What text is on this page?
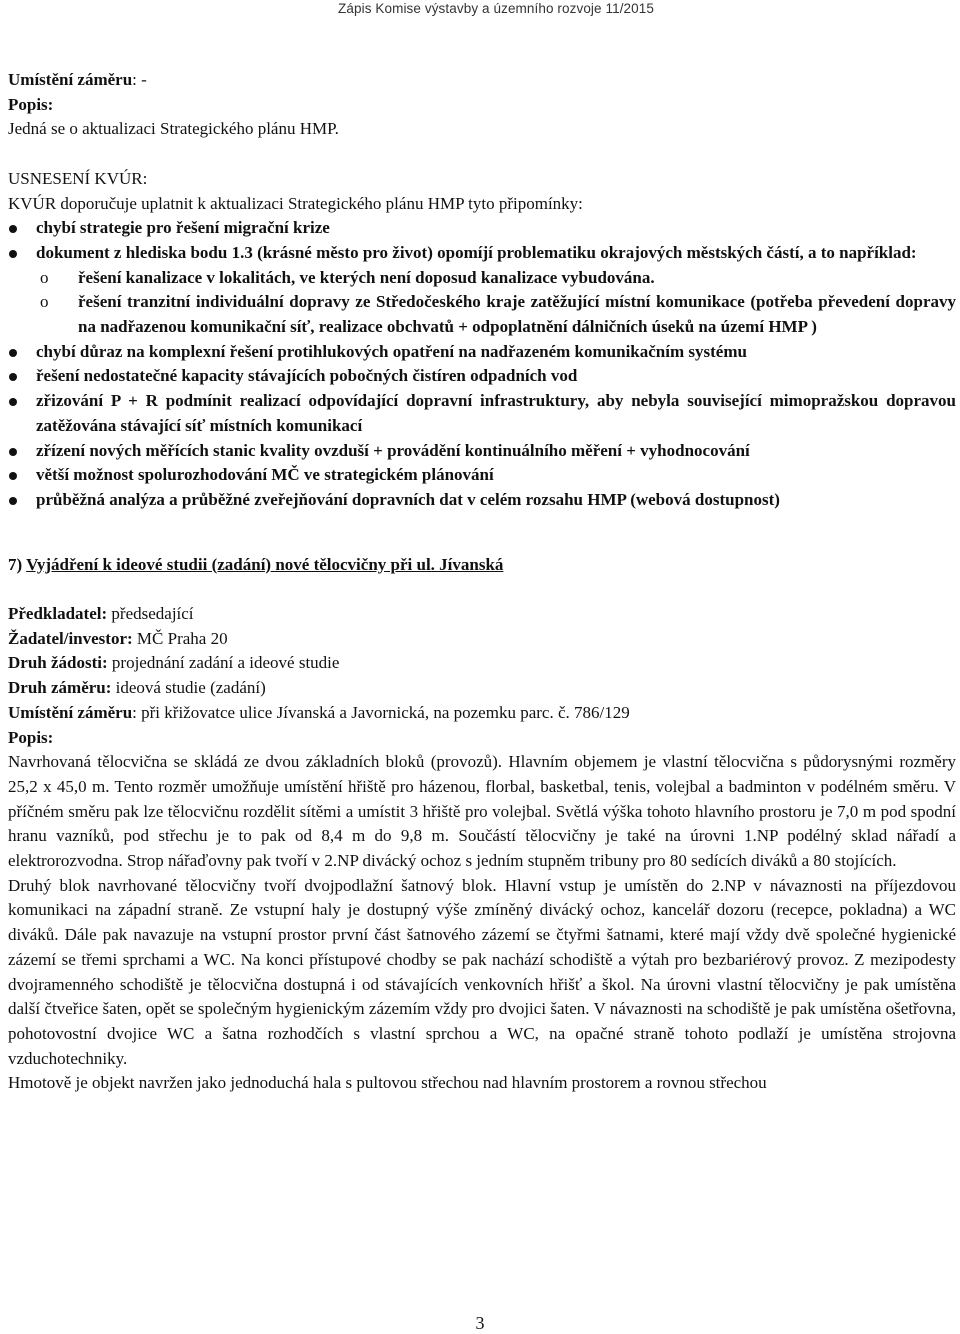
Zápis Komise výstavby a územního rozvoje 11/2015
Umístění záměru: -
Popis:
Jedná se o aktualizaci Strategického plánu HMP.
USNESENÍ KVÚR:
KVÚR doporučuje uplatnit k aktualizaci Strategického plánu HMP tyto připomínky:
chybí strategie pro řešení migrační krize
dokument z hlediska bodu 1.3 (krásné město pro život) opomíjí problematiku okrajových městských částí, a to například:
o řešení kanalizace v lokalitách, ve kterých není doposud kanalizace vybudována.
o řešení tranzitní individuální dopravy ze Středočeského kraje zatěžující místní komunikace (potřeba převedení dopravy na nadřazenou komunikační síť, realizace obchvatů + odpoplatnění dálničních úseků na území HMP )
chybí důraz na komplexní řešení protihlukových opatření na nadřazeném komunikačním systému
řešení nedostatečné kapacity stávajících pobočných čistíren odpadních vod
zřizování P + R podmínit realizací odpovídající dopravní infrastruktury, aby nebyla související mimopražskou dopravou zatěžována stávající síť místních komunikací
zřízení nových měřících stanic kvality ovzduší + provádění kontinuálního měření + vyhodnocování
větší možnost spolurozhodování MČ ve strategickém plánování
průběžná analýza a průběžné zveřejňování dopravních dat v celém rozsahu HMP (webová dostupnost)
7) Vyjádření k ideové studii (zadání) nové tělocvičny při ul. Jívanská
Předkladatel: předsedající
Žadatel/investor: MČ Praha 20
Druh žádosti: projednání zadání a ideové studie
Druh záměru: ideová studie (zadání)
Umístění záměru: při křižovatce ulice Jívanská a Javornická, na pozemku parc. č. 786/129
Popis:
Navrhovaná tělocvična se skládá ze dvou základních bloků (provozů). Hlavním objemem je vlastní tělocvična s půdorysnými rozměry 25,2 x 45,0 m. Tento rozměr umožňuje umístění hřiště pro házenou, florbal, basketbal, tenis, volejbal a badminton v podélném směru. V příčném směru pak lze tělocvičnu rozdělit sítěmi a umístit 3 hřiště pro volejbal. Světlá výška tohoto hlavního prostoru je 7,0 m pod spodní hranu vazníků, pod střechu je to pak od 8,4 m do 9,8 m. Součástí tělocvičny je také na úrovni 1.NP podélný sklad nářadí a elektrorozvodna. Strop nářaďovny pak tvoří v 2.NP divácký ochoz s jedním stupněm tribuny pro 80 sedících diváků a 80 stojících.
Druhý blok navrhované tělocvičny tvoří dvojpodlažní šatnový blok. Hlavní vstup je umístěn do 2.NP v návaznosti na příjezdovou komunikaci na západní straně. Ze vstupní haly je dostupný výše zmíněný divácký ochoz, kancelář dozoru (recepce, pokladna) a WC diváků. Dále pak navazuje na vstupní prostor první část šatnového zázemí se čtyřmi šatnami, které mají vždy dvě společné hygienické zázemí se třemi sprchami a WC. Na konci přístupové chodby se pak nachází schodiště a výtah pro bezbariérový provoz. Z mezipodesty dvojramenného schodiště je tělocvična dostupná i od stávajících venkovních hřišť a škol. Na úrovni vlastní tělocvičny je pak umístěna další čtveřice šaten, opět se společným hygienickým zázemím vždy pro dvojici šaten. V návaznosti na schodiště je pak umístěna ošetřovna, pohotovostní dvojice WC a šatna rozhodčích s vlastní sprchou a WC, na opačné straně tohoto podlaží je umístěna strojovna vzduchotechniky.
Hmotově je objekt navržen jako jednoduchá hala s pultovou střechou nad hlavním prostorem a rovnou střechou
3
